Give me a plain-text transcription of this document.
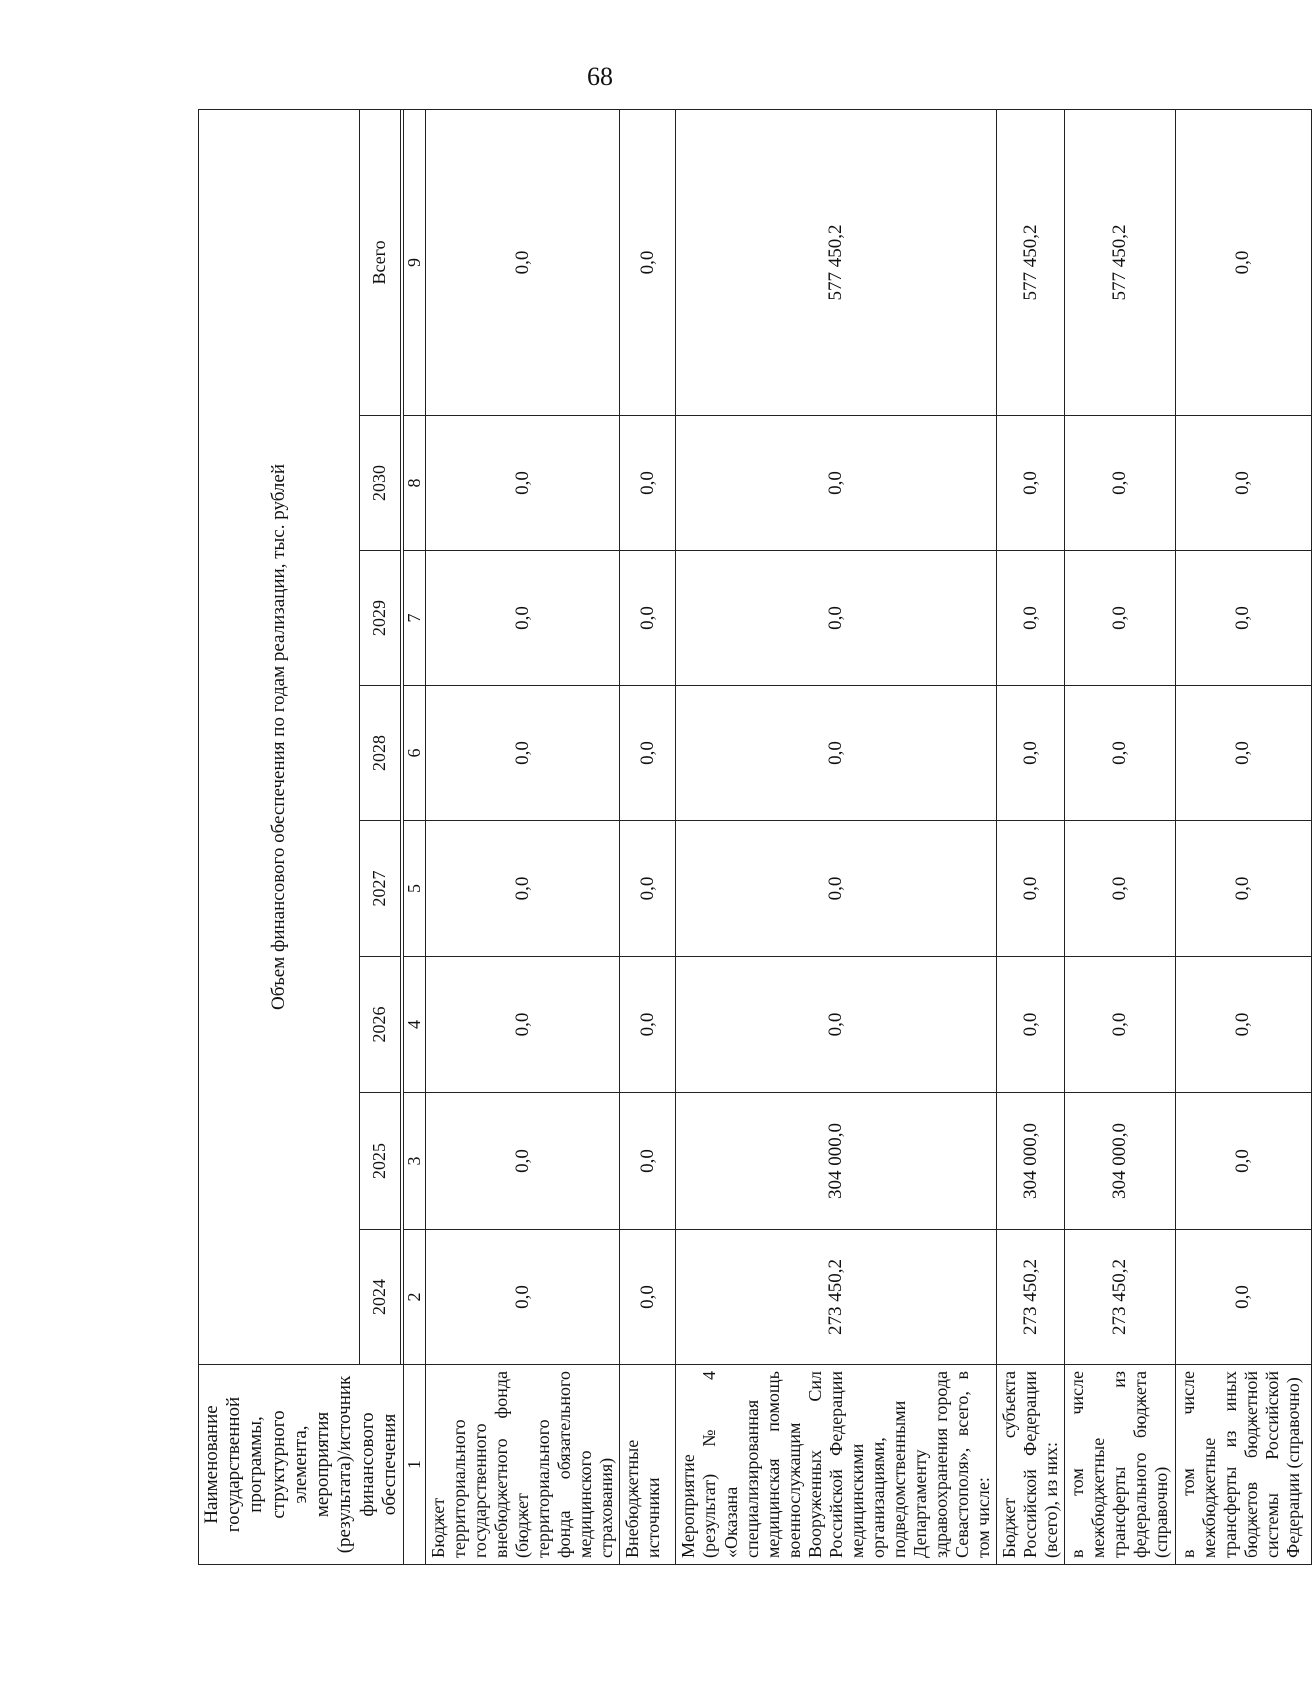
68
Наименование государственной программы, структурного элемента, мероприятия (результата)/источник финансового обеспечения	Объем финансового обеспечения по годам реализации, тыс. рублей							
	2024	2025	2026	2027	2028	2029	2030	Всего

1	2	3	4	5	6	7	8	9
Бюджет территориального государственного внебюджетного фонда (бюджет территориального фонда обязательного медицинского страхования)	0,0	0,0	0,0	0,0	0,0	0,0	0,0	0,0
Внебюджетные источники	0,0	0,0	0,0	0,0	0,0	0,0	0,0	0,0
Мероприятие (результат) № 4 «Оказана специализированная медицинская помощь военнослужащим Вооруженных Сил Российской Федерации медицинскими организациями, подведомственными Департаменту здравоохранения города Севастополя», всего, в том числе:	273 450,2	304 000,0	0,0	0,0	0,0	0,0	0,0	577 450,2
Бюджет субъекта Российской Федерации (всего), из них:	273 450,2	304 000,0	0,0	0,0	0,0	0,0	0,0	577 450,2
в том числе межбюджетные трансферты из федерального бюджета (справочно)	273 450,2	304 000,0	0,0	0,0	0,0	0,0	0,0	577 450,2
в том числе межбюджетные трансферты из иных бюджетов бюджетной системы Российской Федерации (справочно)	0,0	0,0	0,0	0,0	0,0	0,0	0,0	0,0
